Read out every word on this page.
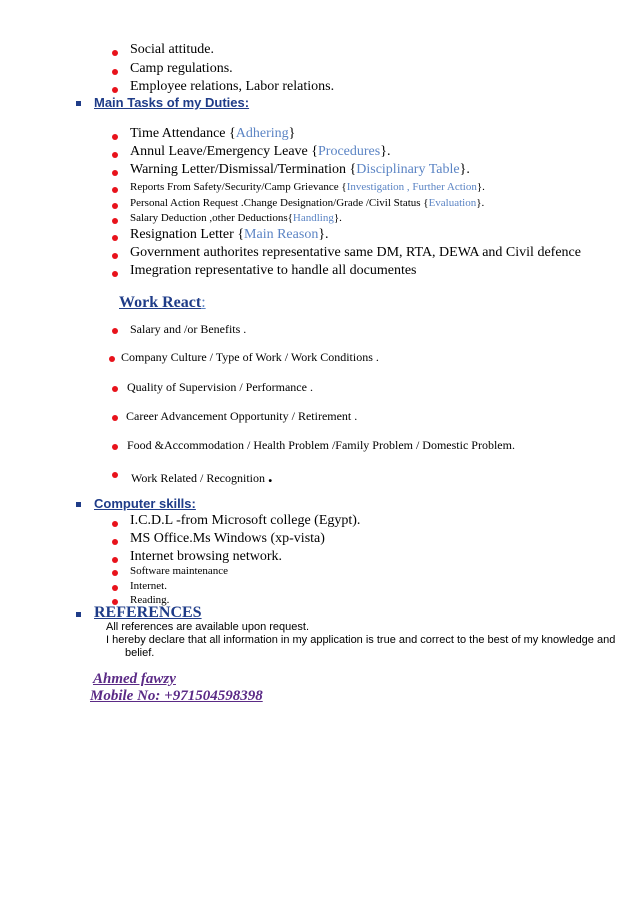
Social attitude.
Camp regulations.
Employee relations, Labor relations.
Main Tasks of my Duties:
Time Attendance {Adhering}
Annul Leave/Emergency Leave {Procedures}.
Warning Letter/Dismissal/Termination {Disciplinary Table}.
Reports From Safety/Security/Camp Grievance {Investigation , Further Action}.
Personal Action Request .Change Designation/Grade /Civil Status {Evaluation}.
Salary Deduction ,other Deductions{Handling}.
Resignation Letter {Main Reason}.
Government authorites representative same DM, RTA, DEWA and Civil defence
Imegration representative to handle all documentes
Work React:
Salary and /or Benefits .
Company Culture / Type of Work / Work Conditions .
Quality of Supervision / Performance .
Career Advancement Opportunity / Retirement .
Food &Accommodation / Health Problem /Family Problem / Domestic Problem.
Work Related / Recognition .
Computer skills:
I.C.D.L -from Microsoft college (Egypt).
MS Office.Ms Windows (xp-vista)
Internet browsing network.
Software maintenance
Internet.
Reading.
REFERENCES
All references are available upon request.
I hereby declare that all information in my application is true and correct to the best of my knowledge and
belief.
Ahmed fawzy
Mobile No: +971504598398
